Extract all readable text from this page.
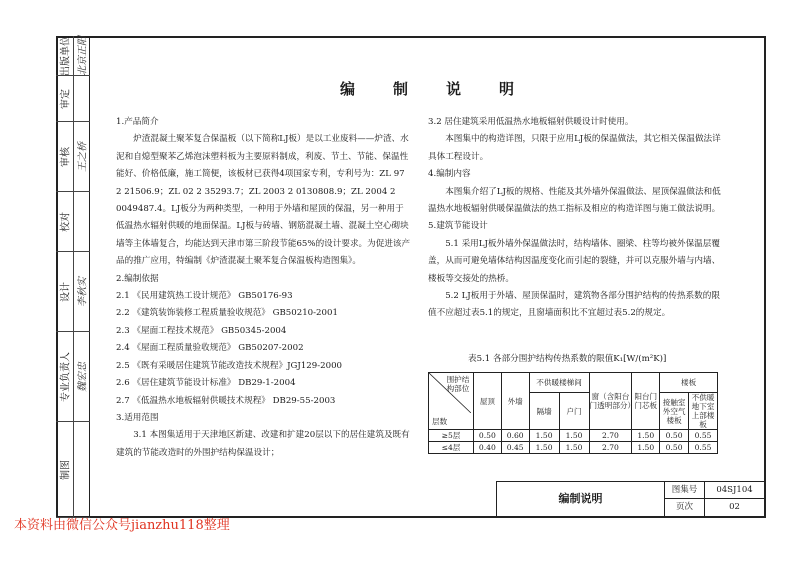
出版单位 北京正阳
审定
审核 王之桥
校对
设计 李秋实
专业负责人 魏宏忠
制图
编制说明
1.产品简介
炉渣混凝土聚苯复合保温板（以下简称LJ板）是以工业废料——炉渣、水泥和自熄型聚苯乙烯泡沫塑料板为主要原料制成，利废、节土、节能、保温性能好、价格低廉，施工简便，该板材已获得4项国家专利，专利号为：ZL 97 2 21506.9；ZL 02 2 35293.7；ZL 2003 2 0130808.9；ZL 2004 2 0049487.4。LJ板分为两种类型，一种用于外墙和屋顶的保温，另一种用于低温热水辐射供暖的地面保温。LJ板与砖墙、钢筋混凝土墙、混凝土空心砌块墙等主体墙复合，均能达到天津市第三阶段节能65%的设计要求。为促进该产品的推广应用，特编制《炉渣混凝土聚苯复合保温板构造图集》。
2.编制依据
2.1 《民用建筑热工设计规范》 GB50176-93
2.2 《建筑装饰装修工程质量验收规范》 GB50210-2001
2.3 《屋面工程技术规范》 GB50345-2004
2.4 《屋面工程质量验收规范》 GB50207-2002
2.5 《既有采暖居住建筑节能改造技术规程》JGJ129-2000
2.6 《居住建筑节能设计标准》 DB29-1-2004
2.7 《低温热水地板辐射供暖技术规程》 DB29-55-2003
3.适用范围
3.1 本图集适用于天津地区新建、改建和扩建20层以下的居住建筑及既有建筑的节能改造时的外围护结构保温设计；
3.2 居住建筑采用低温热水地板辐射供暖设计时使用。
本图集中的构造详图，只限于应用LJ板的保温做法，其它相关保温做法详具体工程设计。
4.编制内容
本图集介绍了LJ板的规格、性能及其外墙外保温做法、屋顶保温做法和低温热水地板辐射供暖保温做法的热工指标及相应的构造详图与施工做法说明。
5.建筑节能设计
5.1 采用LJ板外墙外保温做法时，结构墙体、圈梁、柱等均被外保温层覆盖，从而可避免墙体结构因温度变化而引起的裂缝，并可以克服外墙与内墙、楼板等交接处的热桥。
5.2 LJ板用于外墙、屋顶保温时，建筑物各部分围护结构的传热系数的限值不应超过表5.1的规定，且窗墙面积比不宜超过表5.2的规定。
表5.1 各部分围护结构传热系数的限值K₁[W/(m²K)]
围护结构部位
层数	屋顶	外墙	不供暖楼梯间		窗（含阳台门透明部分）	阳台门门芯板	楼板	
			隔墙	户门			接触室外空气楼板	不供暖地下室上部楼板
≥5层	0.50	0.60	1.50	1.50	2.70	1.50	0.50	0.55
≤4层	0.40	0.45	1.50	1.50	2.70	1.50	0.50	0.55
编制说明
图集号	04SJ104
页次	02
本资料由微信公众号jianzhu118整理
